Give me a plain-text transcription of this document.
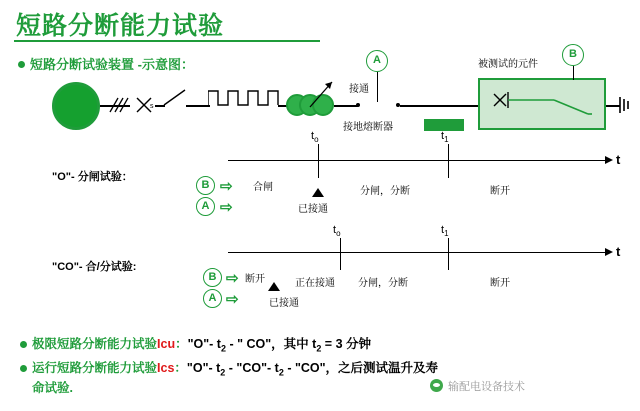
短路分断能力试验
短路分断试验装置 -示意图：
s
A
接通
接地熔断器
被测试的元件
B
"O"- 分闸试验：
t
$t_o$	$t_1$
B
A
⇨
⇨
合闸	分闸，分断	断开
已接通
"CO"- 合/分试验:
t
$t_o$	$t_1$
B
A
⇨
⇨
断开	正在接通 分闸，分断	断开
已接通
极限短路分断能力试验Icu："O"- $t_2$ - " CO"，其中 $t_2 = 3$ 分钟
运行短路分断能力试验Ics："O"- $t_2$ - "CO"- $t_2$ - "CO"，之后测试温升及寿
命试验.	输配电设备技术
